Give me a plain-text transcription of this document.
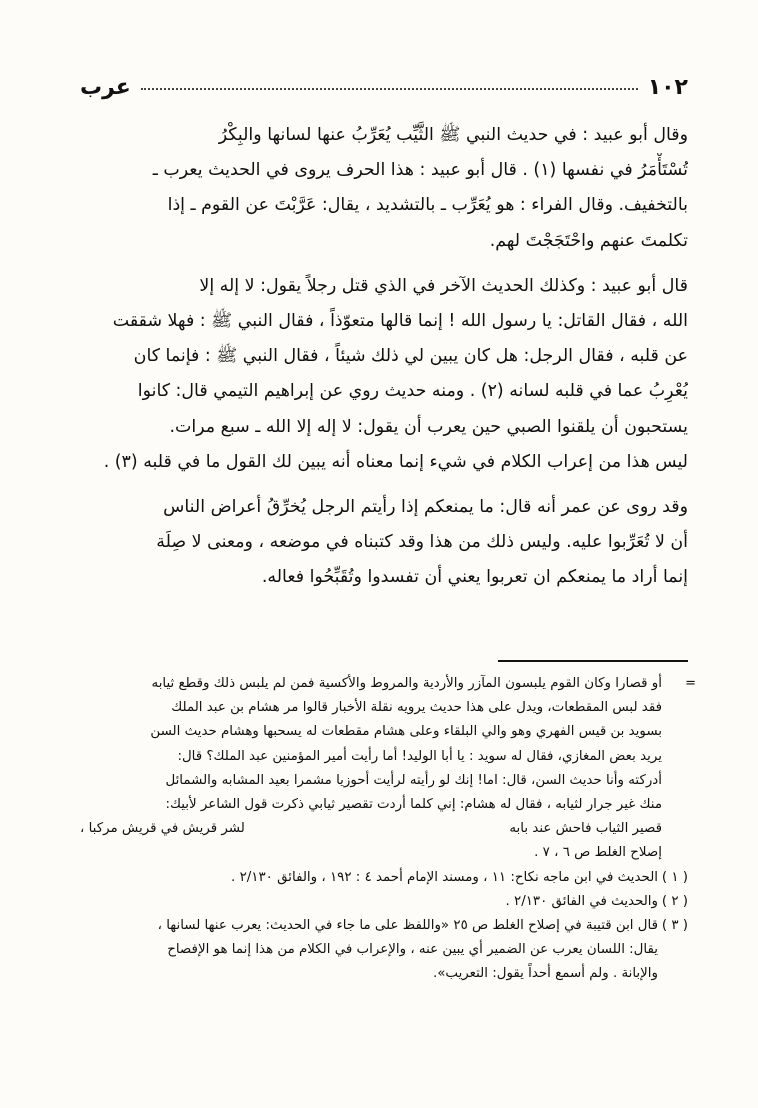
١٠٢
عرب

وقال أبو عبيد : في حديث النبي ﷺ الثَّيِّب يُعَرِّبُ عنها لسانها والبِكْرُ
تُسْتَأْمَرُ في نفسها (١) . قال أبو عبيد : هذا الحرف يروى في الحديث يعرب ـ
بالتخفيف. وقال الفراء : هو يُعَرِّب ـ بالتشديد ، يقال: عَرَّبْتَ عن القوم ـ إذا
تكلمتَ عنهم واحْتَجَجْتَ لهم.

قال أبو عبيد : وكذلك الحديث الآخر في الذي قتل رجلاً يقول: لا إله إلا
الله ، فقال القاتل: يا رسول الله ! إنما قالها متعوّذاً ، فقال النبي ﷺ : فهلا شققت
عن قلبه ، فقال الرجل: هل كان يبين لي ذلك شيئاً ، فقال النبي ﷺ : فإنما كان
يُعْرِبُ عما في قلبه لسانه (٢) . ومنه حديث روي عن إبراهيم التيمي قال: كانوا
يستحبون أن يلقنوا الصبي حين يعرب أن يقول: لا إله إلا الله ـ سبع مرات.
ليس هذا من إعراب الكلام في شيء إنما معناه أنه يبين لك القول ما في قلبه (٣) .

وقد روى عن عمر أنه قال: ما يمنعكم إذا رأيتم الرجل يُخرِّقُ أعراض الناس
أن لا تُعَرِّبوا عليه. وليس ذلك من هذا وقد كتبناه في موضعه ، ومعنى لا صِلَة
إنما أراد ما يمنعكم ان تعربوا يعني أن تفسدوا وتُقَبِّحُوا فعاله.

=
أو قصارا وكان القوم يلبسون المآزر والأردية والمروط والأكسية فمن لم يلبس ذلك وقطع ثيابه
فقد لبس المقطعات، ويدل على هذا حديث يرويه نقلة الأخبار قالوا مر هشام بن عبد الملك
بسويد بن قيس الفهري وهو والي البلقاء وعلى هشام مقطعات له يسحبها وهشام حديث السن
يريد بعض المغازي، فقال له سويد : يا أبا الوليد! أما رأيت أمير المؤمنين عبد الملك؟ قال:
أدركته وأنا حديث السن، قال: اما! إنك لو رأيته لرأيت أحوزيا مشمرا بعيد المشابه والشمائل
منك غير جرار لثيابه ، فقال له هشام: إني كلما أردت تقصير ثيابي ذكرت قول الشاعر لأبيك:
قصير الثياب فاحش عند بابه
لشر قريش في قريش مركبا ،
إصلاح الغلط ص ٦ ، ٧ .
( ١ )
الحديث في ابن ماجه نكاح: ١١ ، ومسند الإمام أحمد ٤ : ١٩٢ ، والفائق ٢/١٣٠ .
( ٢ )
والحديث في الفائق ٢/١٣٠ .
( ٣ )
قال ابن قتيبة في إصلاح الغلط ص ٢٥ «واللفظ على ما جاء في الحديث: يعرب عنها لسانها ،
يقال: اللسان يعرب عن الضمير أي يبين عنه ، والإعراب في الكلام من هذا إنما هو الإفصاح
والإبانة . ولم أسمع أحداً يقول: التعريب».
